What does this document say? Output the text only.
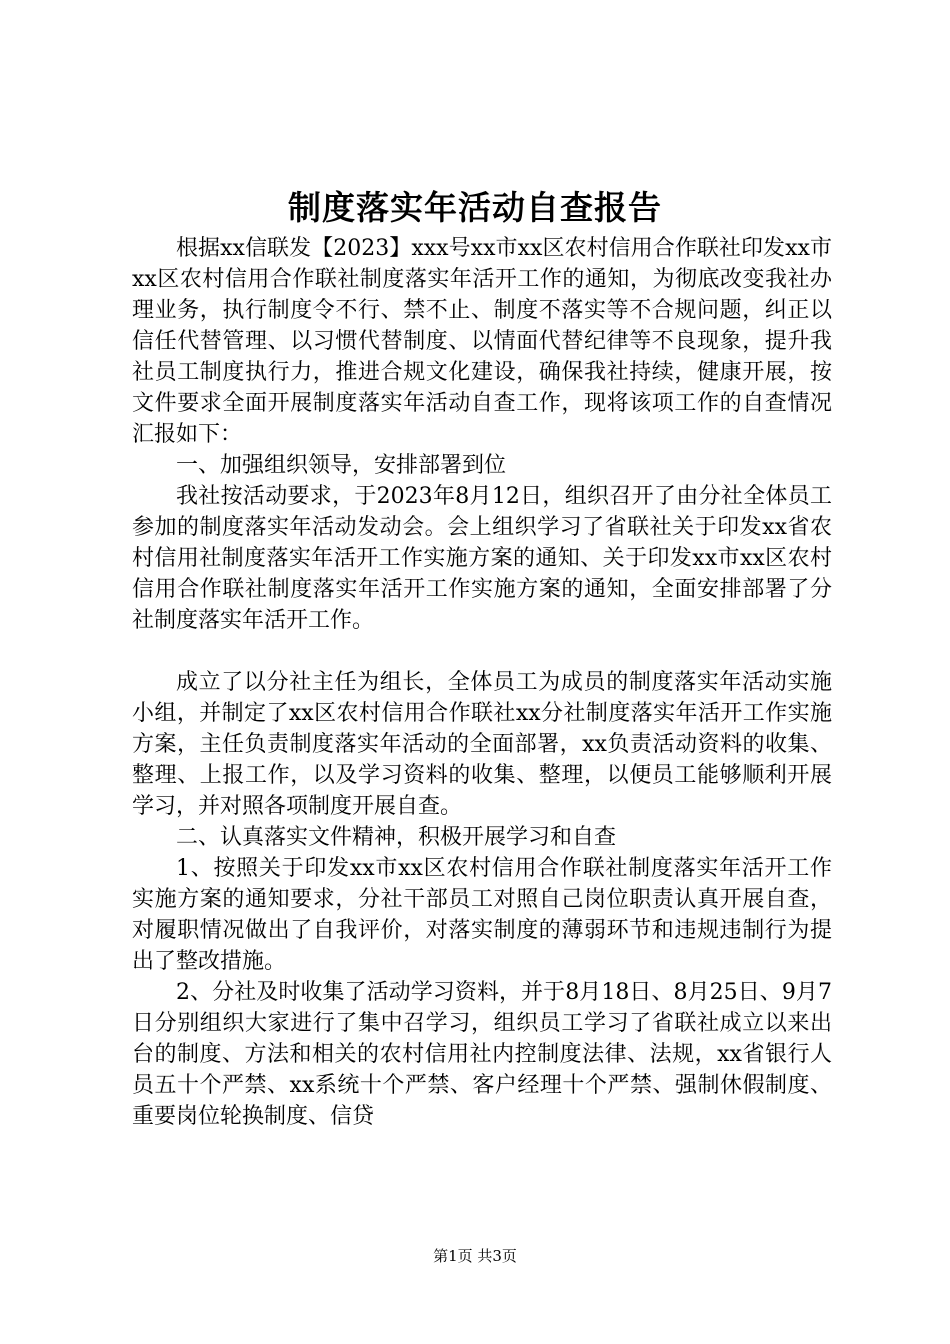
制度落实年活动自查报告

根据xx信联发【2023】xxx号xx市xx区农村信用合作联社印发xx市xx区农村信用合作联社制度落实年活开工作的通知，为彻底改变我社办理业务，执行制度令不行、禁不止、制度不落实等不合规问题，纠正以信任代替管理、以习惯代替制度、以情面代替纪律等不良现象，提升我社员工制度执行力，推进合规文化建设，确保我社持续，健康开展，按文件要求全面开展制度落实年活动自查工作，现将该项工作的自查情况汇报如下：

一、加强组织领导，安排部署到位

我社按活动要求，于2023年8月12日，组织召开了由分社全体员工参加的制度落实年活动发动会。会上组织学习了省联社关于印发xx省农村信用社制度落实年活开工作实施方案的通知、关于印发xx市xx区农村信用合作联社制度落实年活开工作实施方案的通知，全面安排部署了分社制度落实年活开工作。

成立了以分社主任为组长，全体员工为成员的制度落实年活动实施小组，并制定了xx区农村信用合作联社xx分社制度落实年活开工作实施方案，主任负责制度落实年活动的全面部署，xx负责活动资料的收集、整理、上报工作，以及学习资料的收集、整理，以便员工能够顺利开展学习，并对照各项制度开展自查。

二、认真落实文件精神，积极开展学习和自查

1、按照关于印发xx市xx区农村信用合作联社制度落实年活开工作实施方案的通知要求，分社干部员工对照自己岗位职责认真开展自查，对履职情况做出了自我评价，对落实制度的薄弱环节和违规违制行为提出了整改措施。

2、分社及时收集了活动学习资料，并于8月18日、8月25日、9月7日分别组织大家进行了集中召学习，组织员工学习了省联社成立以来出台的制度、方法和相关的农村信用社内控制度法律、法规，xx省银行人员五十个严禁、xx系统十个严禁、客户经理十个严禁、强制休假制度、重要岗位轮换制度、信贷

第1页 共3页
